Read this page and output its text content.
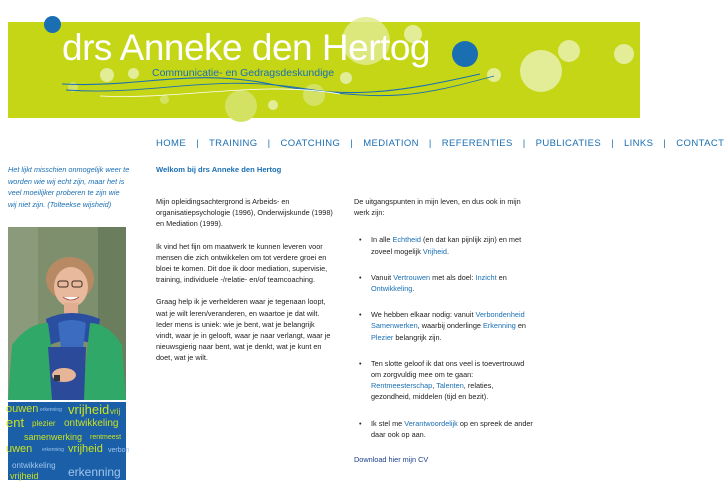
drs Anneke den Hertog
Communicatie- en Gedragsdeskundige
HOME | TRAINING | COATCHING | MEDIATION | REFERENTIES | PUBLICATIES | LINKS | CONTACT
Het lijkt misschien onmogelijk weer te worden wie wij echt zijn, maar het is veel moeilijker proberen te zijn wie wij niet zijn. (Tolteekse wijsheid)
ouwen erkenning vrijheid vrij
ent plezier ontwikkeling
samenwerking rentmeest
uwen erkenning vrijheid verbon
ontwikkeling erkenning
vrijheid
Welkom bij drs Anneke den Hertog

Mijn opleidingsachtergrond is Arbeids- en organisatiepsychologie (1996), Onderwijskunde (1998) en Mediation (1999).

Ik vind het fijn om maatwerk te kunnen leveren voor mensen die zich ontwikkelen om tot verdere groei en bloei te komen. Dit doe ik door mediation, supervisie, training, individuele -/relatie- en/of teamcoaching.

Graag help ik je verhelderen waar je tegenaan loopt, wat je wilt leren/veranderen, en waartoe je dat wilt. Ieder mens is uniek: wie je bent, wat je belangrijk vindt, waar je in gelooft, waar je naar verlangt, waar je nieuwsgierig naar bent, wat je denkt, wat je kunt en doet, wat je wilt.

De uitgangspunten in mijn leven, en dus ook in mijn werk zijn:

• In alle Echtheid (en dat kan pijnlijk zijn) en met zoveel mogelijk Vrijheid.
• Vanuit Vertrouwen met als doel: Inzicht en Ontwikkeling.
• We hebben elkaar nodig: vanuit Verbondenheid Samenwerken, waarbij onderlinge Erkenning en Plezier belangrijk zijn.
• Ten slotte geloof ik dat ons veel is toevertrouwd om zorgvuldig mee om te gaan: Rentmeesterschap, Talenten, relaties, gezondheid, middelen (tijd en bezit).
• Ik stel me Verantwoordelijk op en spreek de ander daar ook op aan.
Download hier mijn CV
